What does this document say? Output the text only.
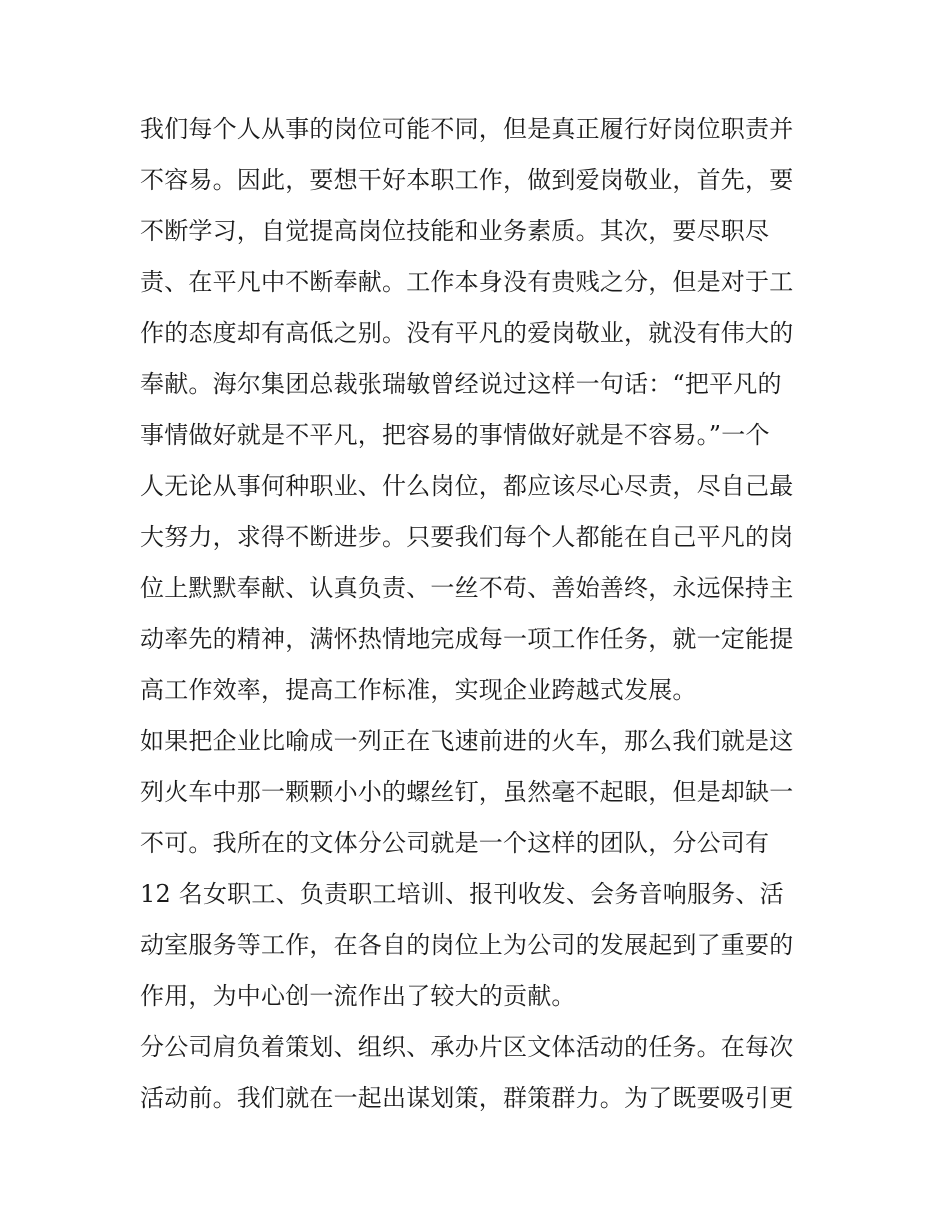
我们每个人从事的岗位可能不同，但是真正履行好岗位职责并
不容易。因此，要想干好本职工作，做到爱岗敬业，首先，要
不断学习，自觉提高岗位技能和业务素质。其次，要尽职尽
责、在平凡中不断奉献。工作本身没有贵贱之分，但是对于工
作的态度却有高低之别。没有平凡的爱岗敬业，就没有伟大的
奉献。海尔集团总裁张瑞敏曾经说过这样一句话：“把平凡的
事情做好就是不平凡，把容易的事情做好就是不容易。”一个
人无论从事何种职业、什么岗位，都应该尽心尽责，尽自己最
大努力，求得不断进步。只要我们每个人都能在自己平凡的岗
位上默默奉献、认真负责、一丝不苟、善始善终，永远保持主
动率先的精神，满怀热情地完成每一项工作任务，就一定能提
高工作效率，提高工作标准，实现企业跨越式发展。
如果把企业比喻成一列正在飞速前进的火车，那么我们就是这
列火车中那一颗颗小小的螺丝钉，虽然毫不起眼，但是却缺一
不可。我所在的文体分公司就是一个这样的团队，分公司有
12 名女职工、负责职工培训、报刊收发、会务音响服务、活
动室服务等工作，在各自的岗位上为公司的发展起到了重要的
作用，为中心创一流作出了较大的贡献。
分公司肩负着策划、组织、承办片区文体活动的任务。在每次
活动前。我们就在一起出谋划策，群策群力。为了既要吸引更
